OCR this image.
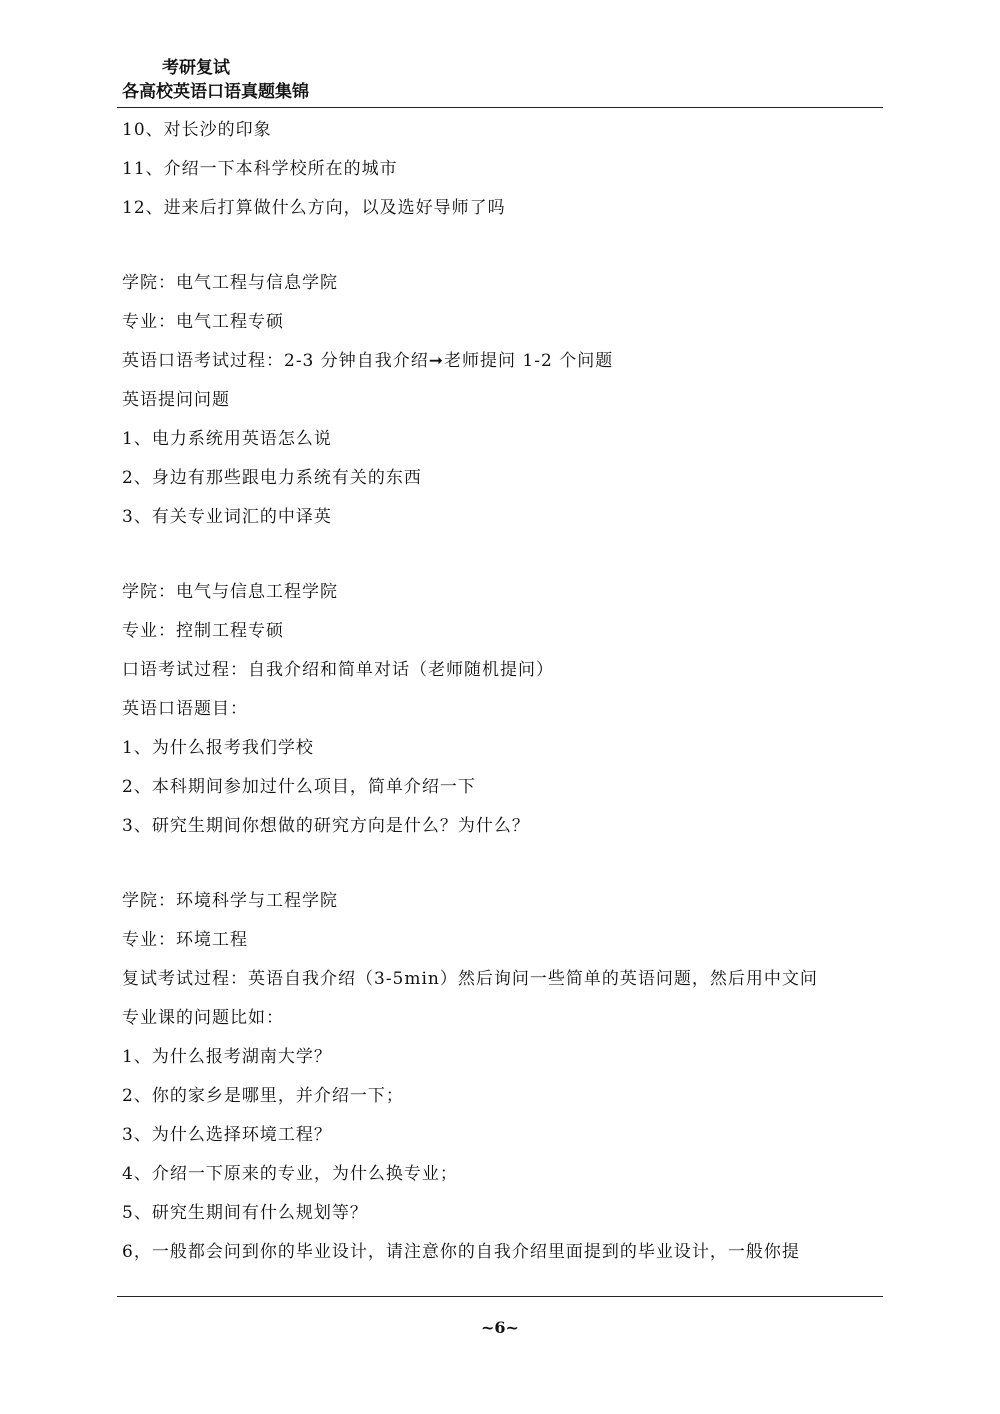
考研复试
各高校英语口语真题集锦
10、对长沙的印象
11、介绍一下本科学校所在的城市
12、进来后打算做什么方向，以及选好导师了吗
学院：电气工程与信息学院
专业：电气工程专硕
英语口语考试过程：2-3 分钟自我介绍➞老师提问 1-2 个问题
英语提问问题
1、电力系统用英语怎么说
2、身边有那些跟电力系统有关的东西
3、有关专业词汇的中译英
学院：电气与信息工程学院
专业：控制工程专硕
口语考试过程：自我介绍和简单对话（老师随机提问）
英语口语题目：
1、为什么报考我们学校
2、本科期间参加过什么项目，简单介绍一下
3、研究生期间你想做的研究方向是什么？为什么？
学院：环境科学与工程学院
专业：环境工程
复试考试过程：英语自我介绍（3-5min）然后询问一些简单的英语问题，然后用中文问
专业课的问题比如：
1、为什么报考湖南大学？
2、你的家乡是哪里，并介绍一下；
3、为什么选择环境工程？
4、介绍一下原来的专业，为什么换专业；
5、研究生期间有什么规划等？
6，一般都会问到你的毕业设计，请注意你的自我介绍里面提到的毕业设计，一般你提
~6~
